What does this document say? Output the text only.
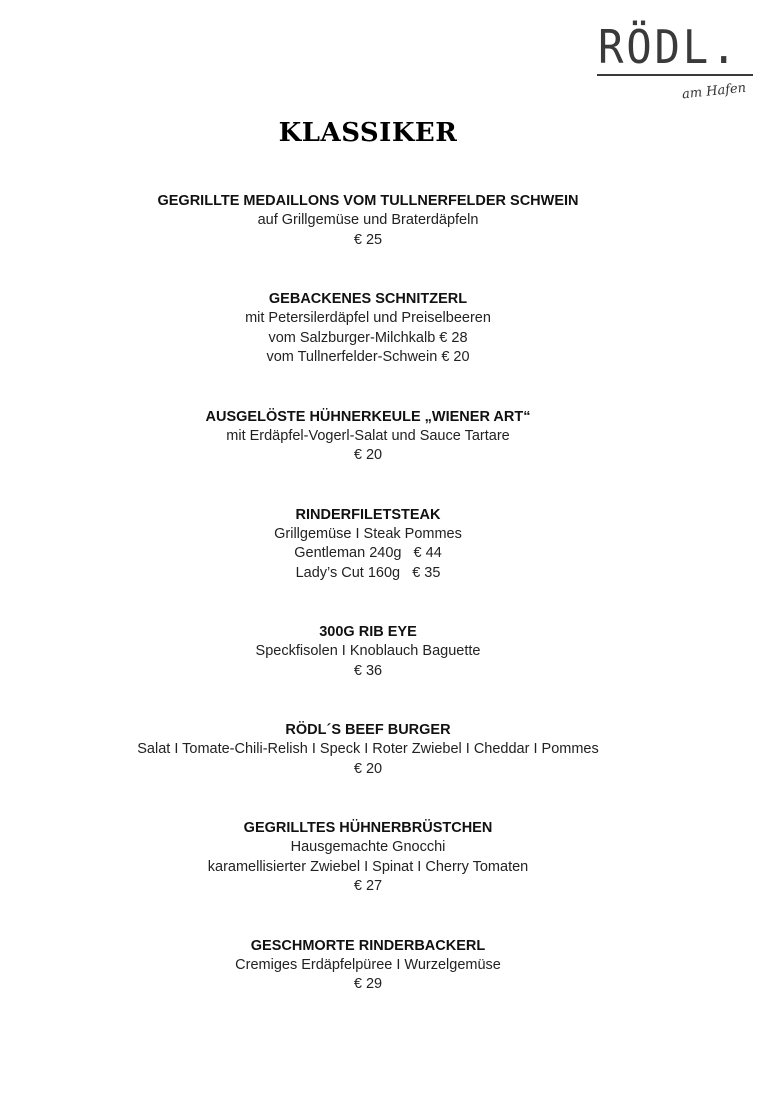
RÖDL.
am Hafen
KLASSIKER
GEGRILLTE MEDAILLONS VOM TULLNERFELDER SCHWEIN
auf Grillgemüse und Braterdäpfeln
€ 25
GEBACKENES SCHNITZERL
mit Petersilerdäpfel und Preiselbeeren
vom Salzburger-Milchkalb € 28
vom Tullnerfelder-Schwein € 20
AUSGELÖSTE HÜHNERKEULE „WIENER ART“
mit Erdäpfel-Vogerl-Salat und Sauce Tartare
€ 20
RINDERFILETSTEAK
Grillgemüse I Steak Pommes
Gentleman 240g   € 44
Lady’s Cut 160g   € 35
300G RIB EYE
Speckfisolen I Knoblauch Baguette
€ 36
RÖDL´S BEEF BURGER
Salat I Tomate-Chili-Relish I Speck I Roter Zwiebel I Cheddar I Pommes
€ 20
GEGRILLTES HÜHNERBRÜSTCHEN
Hausgemachte Gnocchi
karamellisierter Zwiebel I Spinat I Cherry Tomaten
€ 27
GESCHMORTE RINDERBACKERL
Cremiges Erdäpfelpüree I Wurzelgemüse
€ 29
